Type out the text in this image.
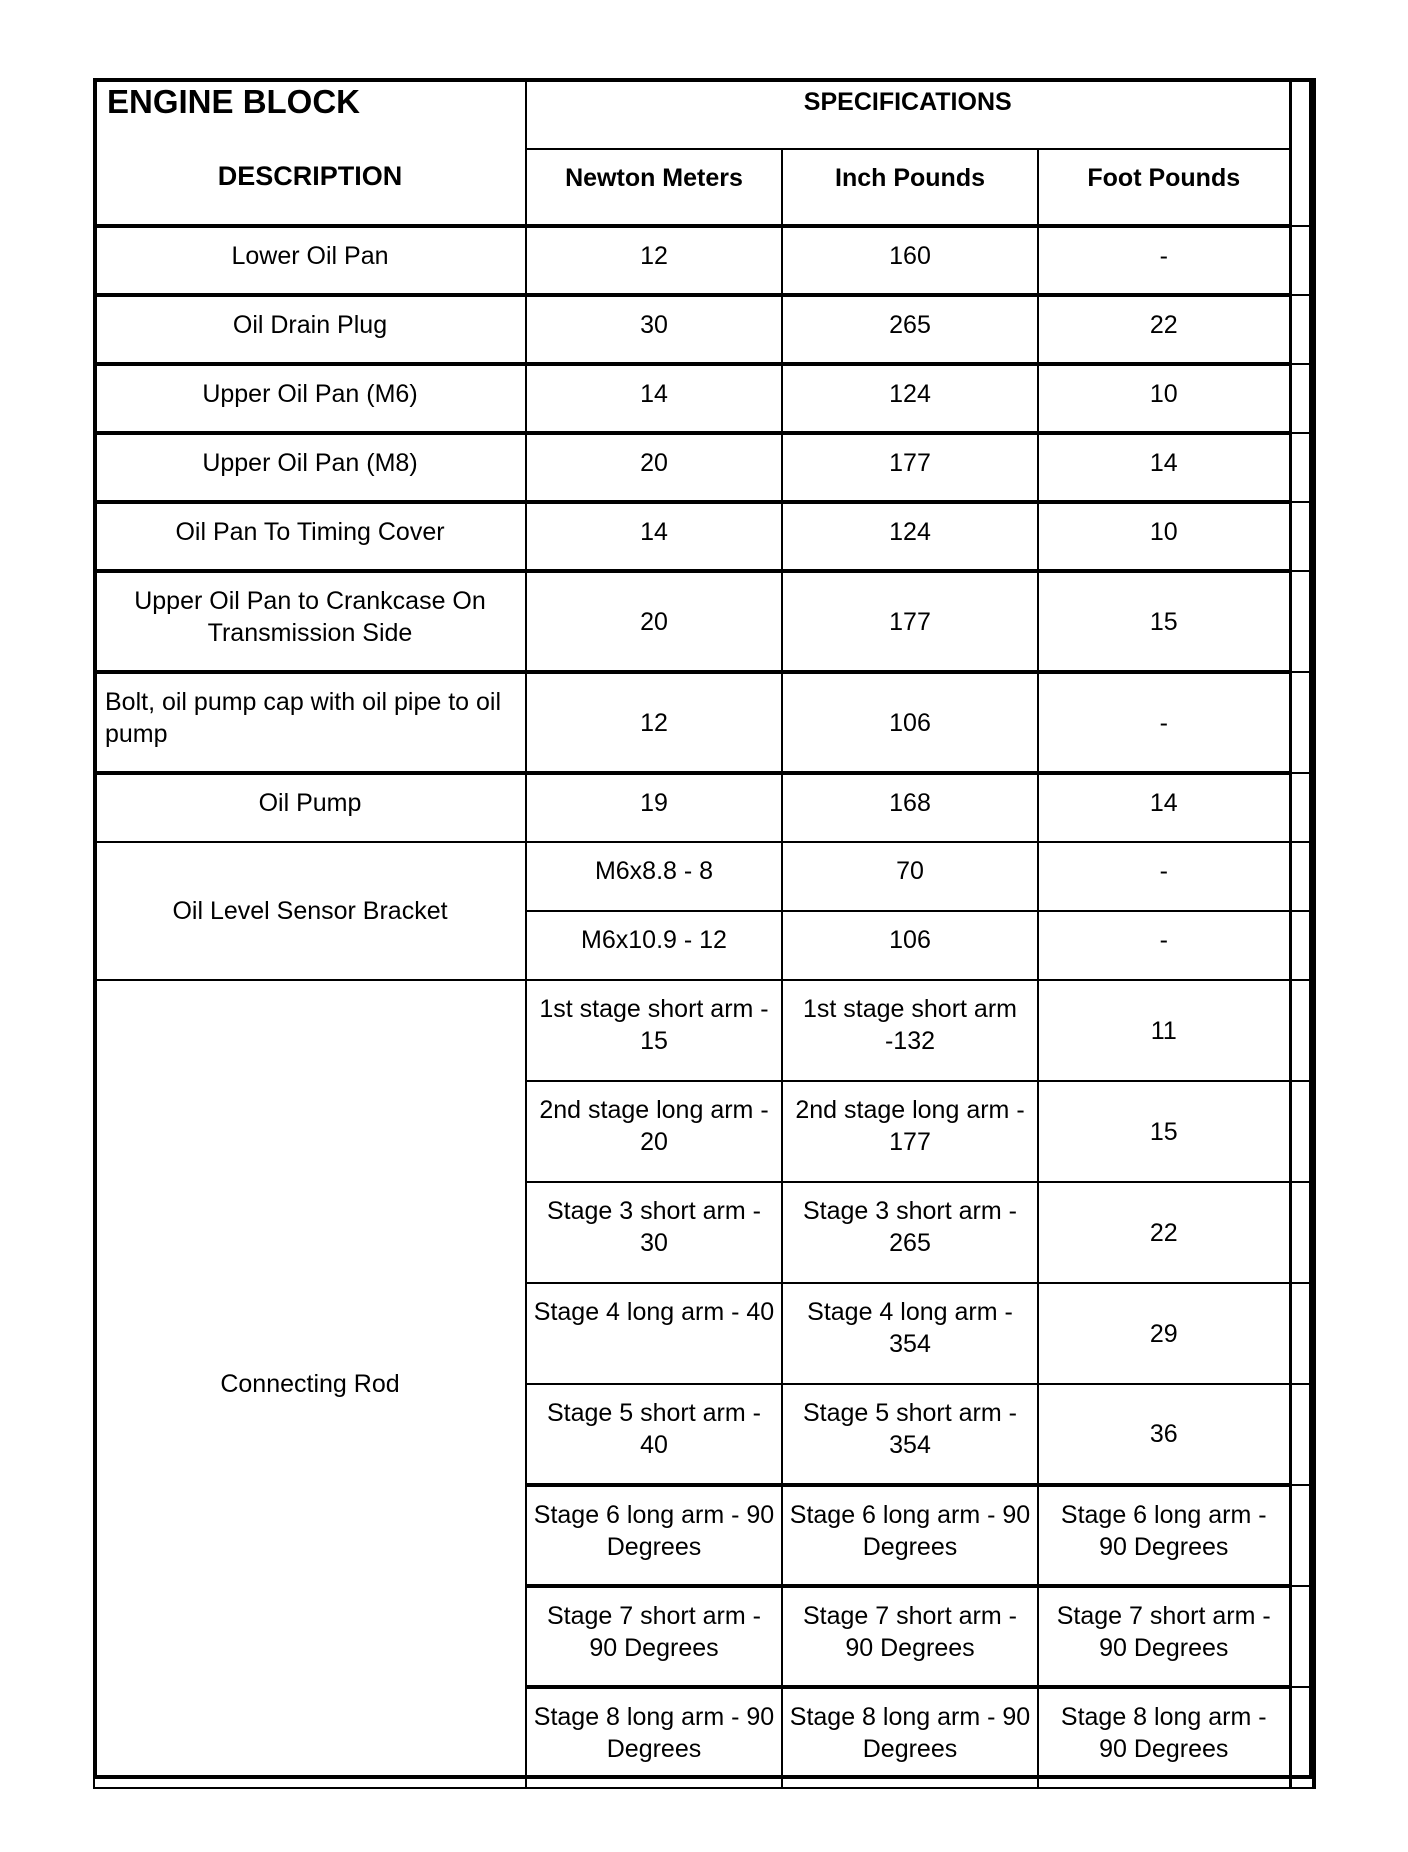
ENGINE BLOCK
DESCRIPTION	SPECIFICATIONS			
	Newton Meters	Inch Pounds	Foot Pounds	
Lower Oil Pan	12	160	-	
Oil Drain Plug	30	265	22	
Upper Oil Pan (M6)	14	124	10	
Upper Oil Pan (M8)	20	177	14	
Oil Pan To Timing Cover	14	124	10	
Upper Oil Pan to Crankcase On Transmission Side	20	177	15	
Bolt, oil pump cap with oil pipe to oil pump	12	106	-	
Oil Pump	19	168	14	
Oil Level Sensor Bracket	M6x8.8 - 8	70	-	
	M6x10.9 - 12	106	-	
Connecting Rod	1st stage short arm - 15	1st stage short arm -132	11	
	2nd stage long arm - 20	2nd stage long arm - 177	15	
	Stage 3 short arm - 30	Stage 3 short arm - 265	22	
	Stage 4 long arm - 40	Stage 4 long arm - 354	29	
	Stage 5 short arm - 40	Stage 5 short arm - 354	36	
	Stage 6 long arm - 90 Degrees	Stage 6 long arm - 90 Degrees	Stage 6 long arm - 90 Degrees	
	Stage 7 short arm - 90 Degrees	Stage 7 short arm - 90 Degrees	Stage 7 short arm - 90 Degrees	
	Stage 8 long arm - 90 Degrees	Stage 8 long arm - 90 Degrees	Stage 8 long arm - 90 Degrees	
